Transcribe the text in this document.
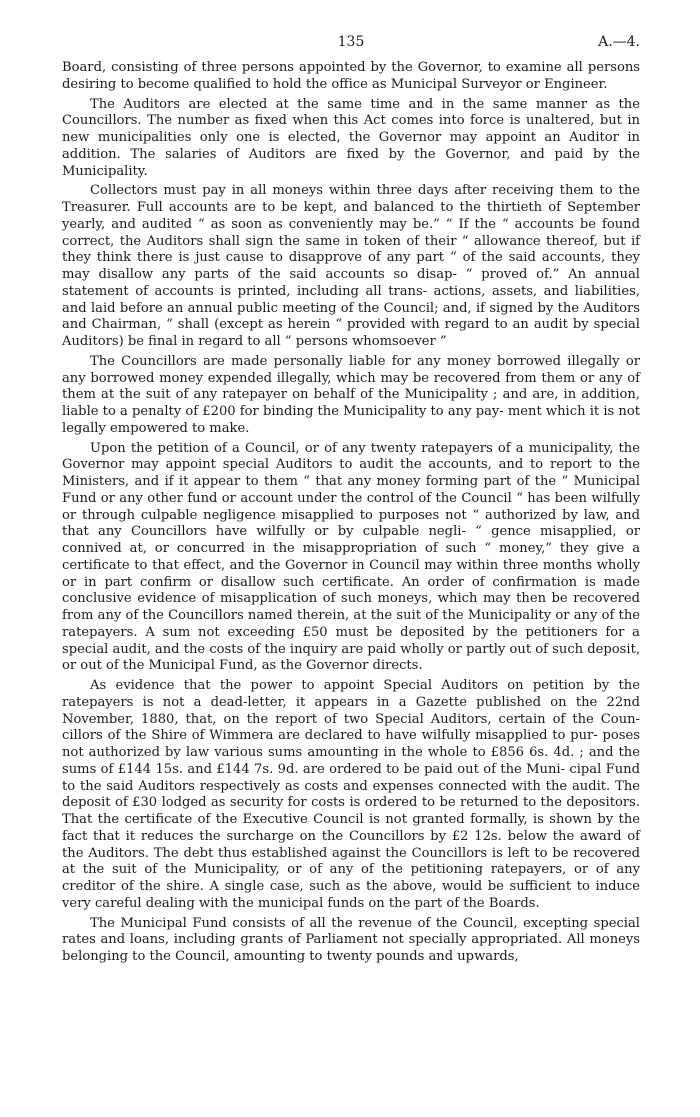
135	A.—4.

Board, consisting of three persons appointed by the Governor, to examine all persons desiring to become qualified to hold the office as Municipal Surveyor or Engineer.

The Auditors are elected at the same time and in the same manner as the Councillors. The number as fixed when this Act comes into force is unaltered, but in new municipalities only one is elected, the Governor may appoint an Auditor in addition. The salaries of Auditors are fixed by the Governor, and paid by the Municipality.

Collectors must pay in all moneys within three days after receiving them to the Treasurer. Full accounts are to be kept, and balanced to the thirtieth of September yearly, and audited “ as soon as conveniently may be.” “ If the “ accounts be found correct, the Auditors shall sign the same in token of their “ allowance thereof, but if they think there is just cause to disapprove of any part “ of the said accounts, they may disallow any parts of the said accounts so disap- “ proved of.” An annual statement of accounts is printed, including all trans- actions, assets, and liabilities, and laid before an annual public meeting of the Council; and, if signed by the Auditors and Chairman, “ shall (except as herein “ provided with regard to an audit by special Auditors) be final in regard to all “ persons whomsoever ”

The Councillors are made personally liable for any money borrowed illegally or any borrowed money expended illegally, which may be recovered from them or any of them at the suit of any ratepayer on behalf of the Municipality ; and are, in addition, liable to a penalty of £200 for binding the Municipality to any pay- ment which it is not legally empowered to make.

Upon the petition of a Council, or of any twenty ratepayers of a municipality, the Governor may appoint special Auditors to audit the accounts, and to report to the Ministers, and if it appear to them “ that any money forming part of the “ Municipal Fund or any other fund or account under the control of the Council “ has been wilfully or through culpable negligence misapplied to purposes not “ authorized by law, and that any Councillors have wilfully or by culpable negli- “ gence misapplied, or connived at, or concurred in the misappropriation of such “ money,” they give a certificate to that effect, and the Governor in Council may within three months wholly or in part confirm or disallow such certificate. An order of confirmation is made conclusive evidence of misapplication of such moneys, which may then be recovered from any of the Councillors named therein, at the suit of the Municipality or any of the ratepayers. A sum not exceeding £50 must be deposited by the petitioners for a special audit, and the costs of the inquiry are paid wholly or partly out of such deposit, or out of the Municipal Fund, as the Governor directs.

As evidence that the power to appoint Special Auditors on petition by the ratepayers is not a dead-letter, it appears in a Gazette published on the 22nd November, 1880, that, on the report of two Special Auditors, certain of the Coun- cillors of the Shire of Wimmera are declared to have wilfully misapplied to pur- poses not authorized by law various sums amounting in the whole to £856 6s. 4d. ; and the sums of £144 15s. and £144 7s. 9d. are ordered to be paid out of the Muni- cipal Fund to the said Auditors respectively as costs and expenses connected with the audit. The deposit of £30 lodged as security for costs is ordered to be returned to the depositors. That the certificate of the Executive Council is not granted formally, is shown by the fact that it reduces the surcharge on the Councillors by £2 12s. below the award of the Auditors. The debt thus established against the Councillors is left to be recovered at the suit of the Municipality, or of any of the petitioning ratepayers, or of any creditor of the shire. A single case, such as the above, would be sufficient to induce very careful dealing with the municipal funds on the part of the Boards.

The Municipal Fund consists of all the revenue of the Council, excepting special rates and loans, including grants of Parliament not specially appropriated. All moneys belonging to the Council, amounting to twenty pounds and upwards,
